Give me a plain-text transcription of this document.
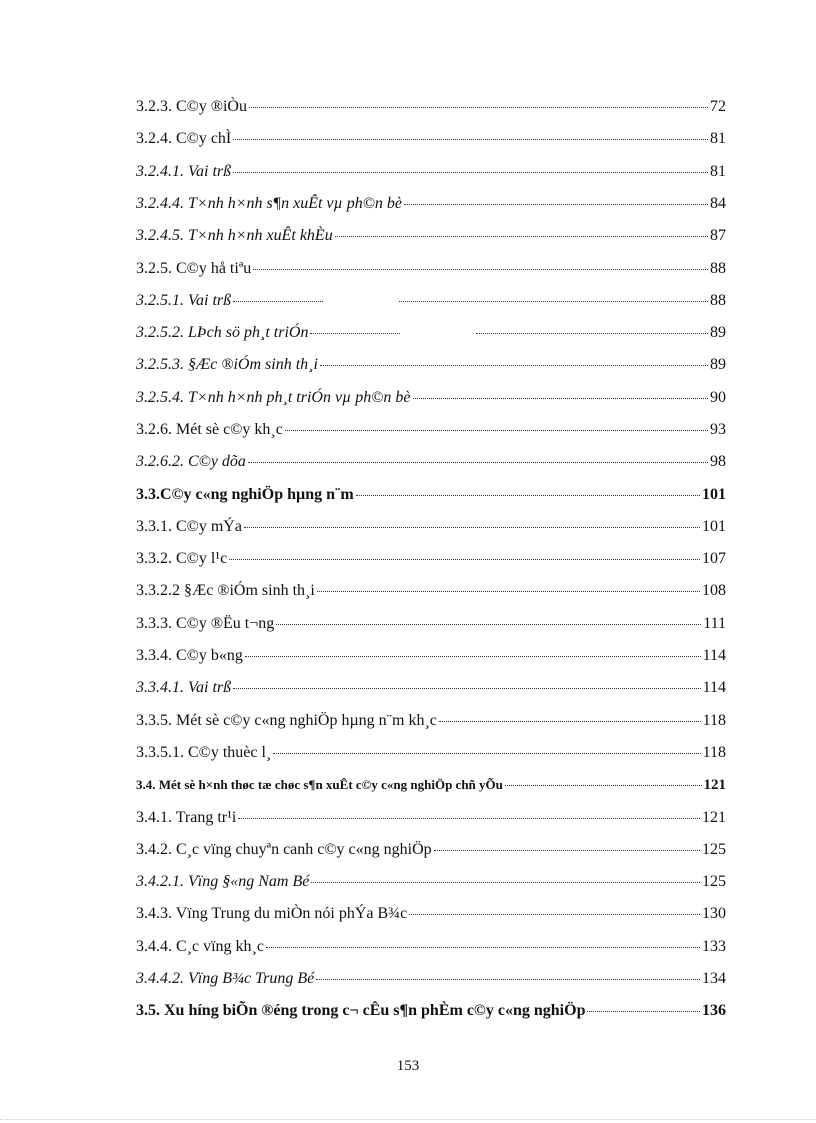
3.2.3. C©y ®iÒu	72
3.2.4. C©y chÌ	81
3.2.4.1. Vai trß	81
3.2.4.4. T×nh h×nh s¶n xuÊt vµ ph©n bè	84
3.2.4.5. T×nh h×nh xuÊt khÈu	87
3.2.5. C©y hå tiªu	88
3.2.5.1. Vai trß	88
3.2.5.2. LÞch sö ph¸t triÓn	89
3.2.5.3. §Æc ®iÓm sinh th¸i	89
3.2.5.4. T×nh h×nh ph¸t triÓn vµ ph©n bè	90
3.2.6. Mét sè c©y kh¸c	93
3.2.6.2. C©y dõa	98
3.3.C©y c«ng nghiÖp hµng n¨m	101
3.3.1. C©y mÝa	101
3.3.2. C©y l¹c	107
3.3.2.2 §Æc ®iÓm sinh th¸i	108
3.3.3. C©y ®Ëu t¬ng	111
3.3.4. C©y b«ng	114
3.3.4.1. Vai trß	114
3.3.5. Mét sè c©y c«ng nghiÖp hµng n¨m kh¸c	118
3.3.5.1. C©y thuèc l¸	118
3.4. Mét sè h×nh thøc tæ chøc s¶n xuÊt c©y c«ng nghiÖp chñ yÕu	121
3.4.1. Trang tr¹i	121
3.4.2. C¸c vïng chuyªn canh c©y c«ng nghiÖp	125
3.4.2.1. Vïng §«ng Nam Bé	125
3.4.3. Vïng Trung du miÒn nói phÝa B¾c	130
3.4.4. C¸c vïng kh¸c	133
3.4.4.2. Vïng B¾c Trung Bé	134
3.5. Xu híng biÕn ®éng trong c¬ cÊu s¶n phÈm c©y c«ng nghiÖp	136
153
